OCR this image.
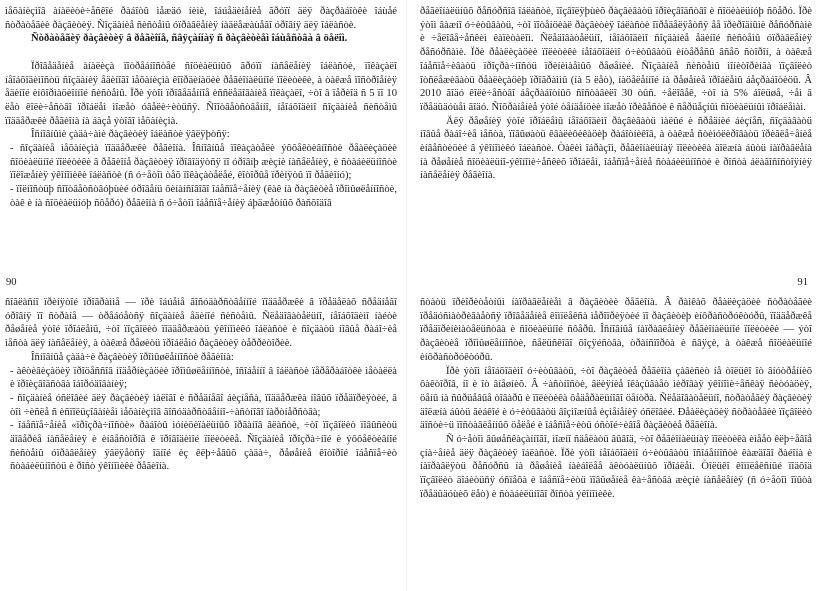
ìåõàíèçìîâ àíàëèòè÷åñêîé ðàáîòû ìåæäó íèìè, îáúåäèíåíèå ãðóïï äëÿ ðàçðàáîòêè îáùåé ñòðàòåãèè ðàçâèòèÿ. Ñîçäàíèå ñèñòåìû óïðàâëåíèÿ íàäëåæàùåãî óðîâíÿ äëÿ îáëàñòè.

Ñòðàòåãèÿ ðàçâèòèÿ â ðåãèîíå, ñâÿçàííàÿ ñ ðàçâèòèåì îáùåñòâà â öåëîì.

Ïðîâåäåíèå àíàëèçà ïîòðåáíîñòåé ñîöèàëüíûõ ãðóïï íàñåëåíèÿ îáëàñòè, ïîêàçàëî íåîáõîäèìîñòü ñîçäàíèÿ åäèíîãî ìåõàíèçìà êîîðäèíàöèè ðåãèîíàëüíîé ïîëèòèêè, à òàêæå ïîñòðîåíèÿ åäèíîé èíôîðìàöèîííîé ñèñòåìû. Ïðè ýòîì ïðîâåäåííîå èññëåäîâàíèå ïîêàçàëî, ÷òî â ïåðèîä ñ 5 ïî 10 ëåò êîëè÷åñòâî ïðîáëåì ìîæåò óâåëè÷èòüñÿ. Ñîîòâåòñòâåííî, íåîáõîäèìî ñîçäàíèå ñèñòåìû ïîääåðæêè ðåãèîíà íà áàçå ýòîãî ìåõàíèçìà.

Îñíîâíûìè çàäà÷àìè ðàçâèòèÿ îáëàñòè ÿâëÿþòñÿ:

- ñîçäàíèå ìåõàíèçìà ïîääåðæêè ðåãèîíà. Îñíîâíûå ïîêàçàòåëè ýôôåêòèâíîñòè ðåàëèçàöèè ñîöèàëüíîé ïîëèòèêè â ðåãèîíå ðàçâèòèÿ ïðîâîäÿòñÿ ïî óðîâíþ æèçíè íàñåëåíèÿ, è ñòàáèëüíîñòè ïîëîæåíèÿ ýêîíîìèêè îáëàñòè (ñ ó÷åòîì òåõ ïîêàçàòåëåé, êîòîðûå ïðèíÿòû ïî ðåãèîíó);

- ïîëíîñòüþ ñîîòâåòñòâóþùèé óðîâåíü ôèíàíñîâîãî îáåñïå÷åíèÿ (êàê íà ðàçâèòèå ïðîìûøëåííîñòè, òàê è íà ñîöèàëüíóþ ñôåðó) ðåãèîíà ñ ó÷åòîì îáåñïå÷åíèÿ áþäæåòíûõ ðàñõîäîâ

90

ñîãëàñíî ïðèíÿòîé ïðîãðàììå — ïðè îáúåìå ãîñóäàðñòâåííîé ïîääåðæêè â ïðåäåëàõ ñðåäíåãî óðîâíÿ ïî ñòðàíå — òðåáóåòñÿ ñîçäàíèå åäèíîé ñèñòåìû. Ñëåäîâàòåëüíî, íåîáõîäèìî íàéòè ðåøåíèå ýòîé ïðîáëåìû, ÷òî ïîçâîëèò ïîääåðæàòü ýêîíîìèêó îáëàñòè è ñîçäàòü íîâûå ðàáî÷èå ìåñòà äëÿ íàñåëåíèÿ, à òàêæå ðåøèòü ïðîáëåìó ðàçâèòèÿ òåððèòîðèè.

Îñíîâíûå çàäà÷è ðàçâèòèÿ ïðîìûøëåííîñòè ðåãèîíà:

- àêòèâèçàöèÿ ïðîöåññîâ ìîäåðíèçàöèè ïðîìûøëåííîñòè, îñîáåííî â îáëàñòè ïåðåðàáîòêè ìåòàëëà è ïðîèçâîäñòâà îáîðóäîâàíèÿ;

- ñîçäàíèå óñëîâèé äëÿ ðàçâèòèÿ ìàëîãî è ñðåäíåãî áèçíåñà, ïîääåðæêà íîâûõ ïðåäïðèÿòèé, â òîì ÷èñëå ñ èñïîëüçîâàíèåì ìåõàíèçìîâ ãîñóäàðñòâåííî-÷àñòíîãî ïàðòíåðñòâà;

- îáåñïå÷åíèå «ïðîçðà÷íîñòè» ðàáîòû ìóíèöèïàëüíûõ îðãàíîâ âëàñòè, ÷òî ïîçâîëèò ïîâûñèòü äîâåðèå íàñåëåíèÿ è èíâåñòîðîâ ê ïðîâîäèìîé ïîëèòèêå. Ñîçäàíèå ïðîçðà÷íîé è ýôôåêòèâíîé ñèñòåìû óïðàâëåíèÿ ÿâëÿåòñÿ îäíîé èç êëþ÷åâûõ çàäà÷, ðåøåíèå êîòîðîé îáåñïå÷èò ñòàáèëüíîñòü è ðîñò ýêîíîìèêè ðåãèîíà.

ðåãèîíàëüíûõ ðåñóðñîâ îáëàñòè, ïîçâîëÿþùèõ ðàçâèâàòü ïðîèçâîäñòâî è ñîöèàëüíóþ ñôåðó. Ïðè ýòîì âàæíî ó÷èòûâàòü, ÷òî ïîòåíöèàë ðàçâèòèÿ îáëàñòè îïðåäåëÿåòñÿ åå ïðèðîäíûìè ðåñóðñàìè è ÷åëîâå÷åñêèì êàïèòàëîì. Ñëåäîâàòåëüíî, íåîáõîäèìî ñîçäàíèå åäèíîé ñèñòåìû óïðàâëåíèÿ ðåñóðñàìè. Ïðè ðåàëèçàöèè ïîëèòèêè íåîáõîäèìî ó÷èòûâàòü èíòåðåñû âñåõ ñòîðîí, à òàêæå îáåñïå÷èâàòü ïðîçðà÷íîñòü ïðèíèìàåìûõ ðåøåíèé. Ñîçäàíèå ñèñòåìû ìîíèòîðèíãà ïîçâîëèò îòñëåæèâàòü ðåàëèçàöèþ ïðîãðàììû (íà 5 ëåò), íàöåëåííîé íà ðåøåíèå ïðîáëåìû áåçðàáîòèöû. Â 2010 ãîäó êîëè÷åñòâî áåçðàáîòíûõ ñîñòàâèëî 30 òûñ. ÷åëîâåê, ÷òî íà 5% áîëüøå, ÷åì â ïðåäûäóùåì ãîäó. Ñîõðàíåíèå ýòîé òåíäåíöèè ìîæåò ïðèâåñòè ê ñåðüåçíûì ñîöèàëüíûì ïðîáëåìàì.

Äëÿ ðåøåíèÿ ýòîé ïðîáëåìû íåîáõîäèìî ðàçâèâàòü ìàëûé è ñðåäíèé áèçíåñ, ñîçäàâàòü íîâûå ðàáî÷èå ìåñòà, ïîâûøàòü êâàëèôèêàöèþ ðàáîòíèêîâ, à òàêæå ñòèìóëèðîâàòü ïðèâëå÷åíèå èíâåñòèöèé â ýêîíîìèêó îáëàñòè. Òàêèì îáðàçîì, ðåãèîíàëüíàÿ ïîëèòèêà äîëæíà áûòü íàïðàâëåíà íà ðåøåíèå ñîöèàëüíî-ýêîíîìè÷åñêèõ ïðîáëåì, îáåñïå÷åíèå ñòàáèëüíîñòè è ðîñòà áëàãîñîñòîÿíèÿ íàñåëåíèÿ ðåãèîíà.

91

ñòàòü ïðèîðèòåòíûì íàïðàâëåíèåì â ðàçâèòèè ðåãèîíà. Â ðàìêàõ ðåàëèçàöèè ñòðàòåãèè ïðåäóñìàòðèâàåòñÿ ïðîâåäåíèå êîìïëåêñà ìåðîïðèÿòèé ïî ðàçâèòèþ èíôðàñòðóêòóðû, ïîääåðæêå ïðåäïðèíèìàòåëüñòâà è ñîöèàëüíîé ñôåðû. Îñíîâíûå íàïðàâëåíèÿ ðåãèîíàëüíîé ïîëèòèêè — ýòî ðàçâèòèå ïðîìûøëåííîñòè, ñåëüñêîãî õîçÿéñòâà, òðàíñïîðòà è ñâÿçè, à òàêæå ñîöèàëüíîé èíôðàñòðóêòóðû.

Ïðè ýòîì íåîáõîäèìî ó÷èòûâàòü, ÷òî ðàçâèòèå ðåãèîíà çàâèñèò íå òîëüêî îò âíóòðåííèõ ôàêòîðîâ, íî è îò âíåøíèõ. Â ÷àñòíîñòè, âëèÿíèå îêàçûâàåò ìèðîâàÿ ýêîíîìè÷åñêàÿ ñèòóàöèÿ, öåíû íà ñûðüåâûå òîâàðû è ïîëèòèêà ôåäåðàëüíîãî öåíòðà. Ñëåäîâàòåëüíî, ñòðàòåãèÿ ðàçâèòèÿ äîëæíà áûòü ãèáêîé è ó÷èòûâàòü âîçìîæíûå èçìåíåíèÿ óñëîâèé. Ðåàëèçàöèÿ ñòðàòåãèè ïîçâîëèò äîñòè÷ü ïîñòàâëåííûõ öåëåé è îáåñïå÷èòü óñòîé÷èâîå ðàçâèòèå ðåãèîíà.

Ñ ó÷åòîì âûøåñêàçàííîãî, ìîæíî ñäåëàòü âûâîä, ÷òî ðåãèîíàëüíàÿ ïîëèòèêà èìååò êëþ÷åâîå çíà÷åíèå äëÿ ðàçâèòèÿ îáëàñòè. Ïðè ýòîì íåîáõîäèìî ó÷èòûâàòü îñîáåííîñòè êàæäîãî ðàéîíà è íàïðàâëÿòü ðåñóðñû íà ðåøåíèå íàèáîëåå àêòóàëüíûõ ïðîáëåì. Òîëüêî êîìïëåêñíûé ïîäõîä ïîçâîëèò äîáèòüñÿ óñïåõà è îáåñïå÷èòü ïîâûøåíèå êà÷åñòâà æèçíè íàñåëåíèÿ (ñ ó÷åòîì îïûòà ïðåäûäóùèõ ëåò) è ñòàáèëüíîãî ðîñòà ýêîíîìèêè.
